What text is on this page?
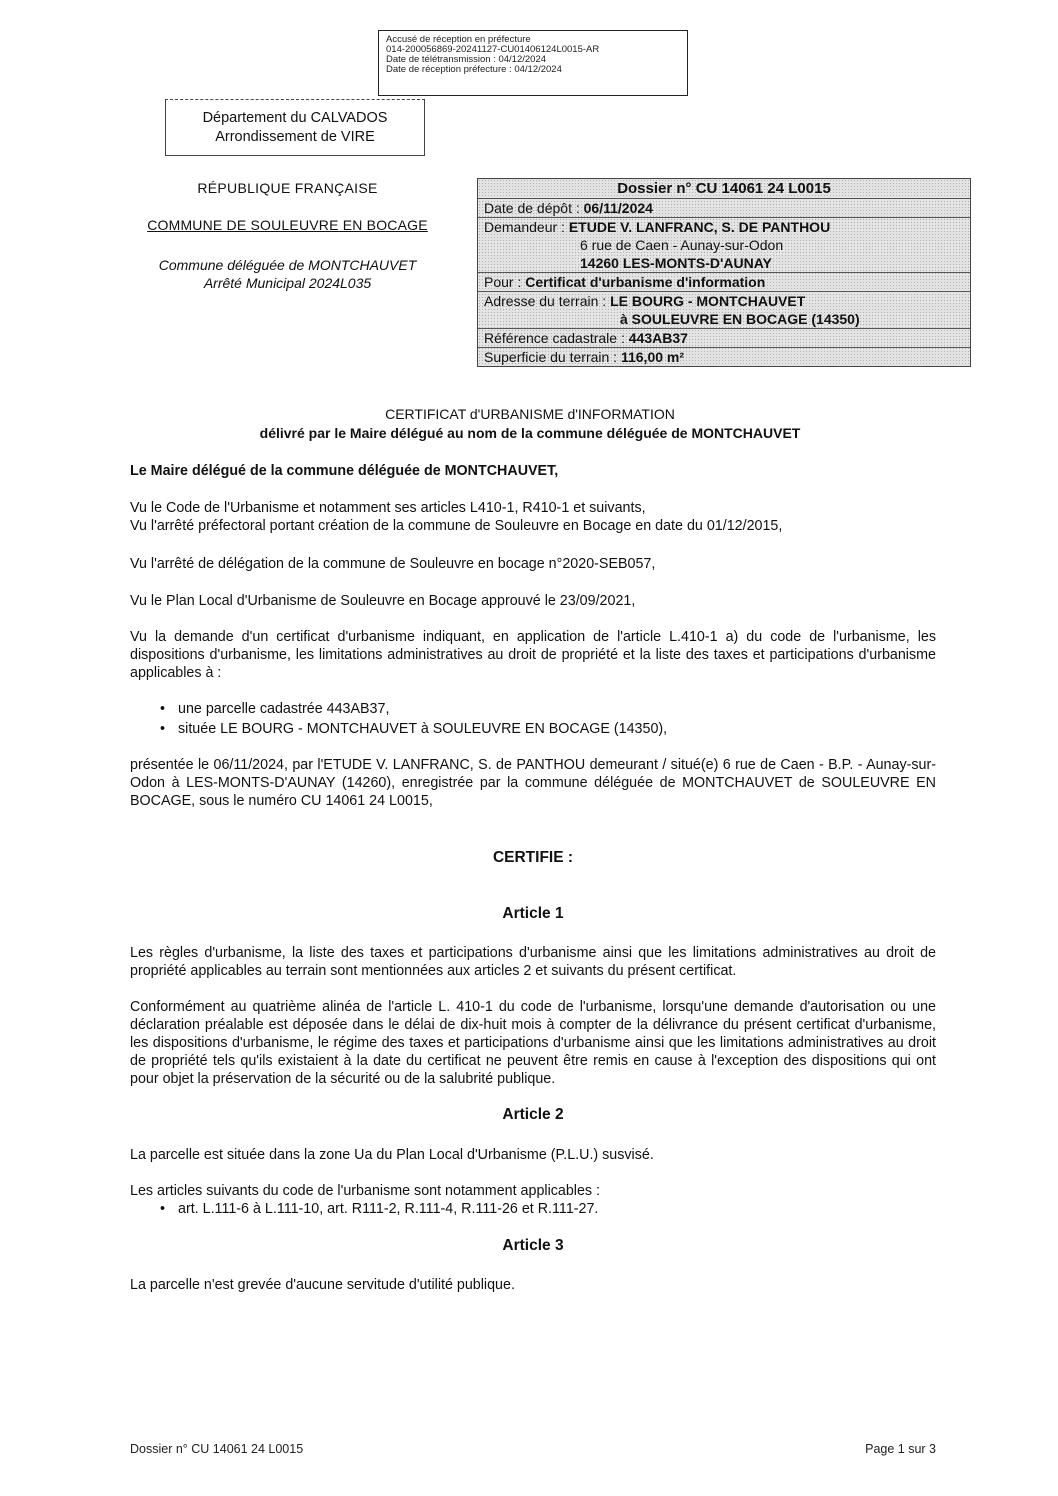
Accusé de réception en préfecture
014-200056869-20241127-CU01406124L0015-AR
Date de télétransmission : 04/12/2024
Date de réception préfecture : 04/12/2024
Département du CALVADOS
Arrondissement de VIRE
RÉPUBLIQUE FRANÇAISE
COMMUNE DE SOULEUVRE EN BOCAGE
Commune déléguée de MONTCHAUVET
Arrêté Municipal 2024L035
Dossier n° CU 14061 24 L0015
Date de dépôt : 06/11/2024
Demandeur : ETUDE V. LANFRANC, S. DE PANTHOU
6 rue de Caen - Aunay-sur-Odon
14260 LES-MONTS-D'AUNAY
Pour : Certificat d'urbanisme d'information
Adresse du terrain : LE BOURG - MONTCHAUVET
à SOULEUVRE EN BOCAGE (14350)
Référence cadastrale : 443AB37
Superficie du terrain : 116,00 m²
CERTIFICAT d'URBANISME d'INFORMATION
délivré par le Maire délégué au nom de la commune déléguée de MONTCHAUVET
Le Maire délégué de la commune déléguée de MONTCHAUVET,
Vu le Code de l'Urbanisme et notamment ses articles L410-1, R410-1 et suivants,
Vu l'arrêté préfectoral portant création de la commune de Souleuvre en Bocage en date du 01/12/2015,
Vu l'arrêté de délégation de la commune de Souleuvre en bocage n°2020-SEB057,
Vu le Plan Local d'Urbanisme de Souleuvre en Bocage approuvé le 23/09/2021,
Vu la demande d'un certificat d'urbanisme indiquant, en application de l'article L.410-1 a) du code de l'urbanisme, les dispositions d'urbanisme, les limitations administratives au droit de propriété et la liste des taxes et participations d'urbanisme applicables à :
• une parcelle cadastrée 443AB37,
• située LE BOURG - MONTCHAUVET à SOULEUVRE EN BOCAGE (14350),
présentée le 06/11/2024, par l'ETUDE V. LANFRANC, S. de PANTHOU demeurant / situé(e) 6 rue de Caen - B.P. - Aunay-sur-Odon à LES-MONTS-D'AUNAY (14260), enregistrée par la commune déléguée de MONTCHAUVET de SOULEUVRE EN BOCAGE, sous le numéro CU 14061 24 L0015,
CERTIFIE :
Article 1
Les règles d'urbanisme, la liste des taxes et participations d'urbanisme ainsi que les limitations administratives au droit de propriété applicables au terrain sont mentionnées aux articles 2 et suivants du présent certificat.
Conformément au quatrième alinéa de l'article L. 410-1 du code de l'urbanisme, lorsqu'une demande d'autorisation ou une déclaration préalable est déposée dans le délai de dix-huit mois à compter de la délivrance du présent certificat d'urbanisme, les dispositions d'urbanisme, le régime des taxes et participations d'urbanisme ainsi que les limitations administratives au droit de propriété tels qu'ils existaient à la date du certificat ne peuvent être remis en cause à l'exception des dispositions qui ont pour objet la préservation de la sécurité ou de la salubrité publique.
Article 2
La parcelle est située dans la zone Ua du Plan Local d'Urbanisme (P.L.U.) susvisé.
Les articles suivants du code de l'urbanisme sont notamment applicables :
• art. L.111-6 à L.111-10, art. R111-2, R.111-4, R.111-26 et R.111-27.
Article 3
La parcelle n'est grevée d'aucune servitude d'utilité publique.
Dossier n° CU 14061 24 L0015	Page 1 sur 3
